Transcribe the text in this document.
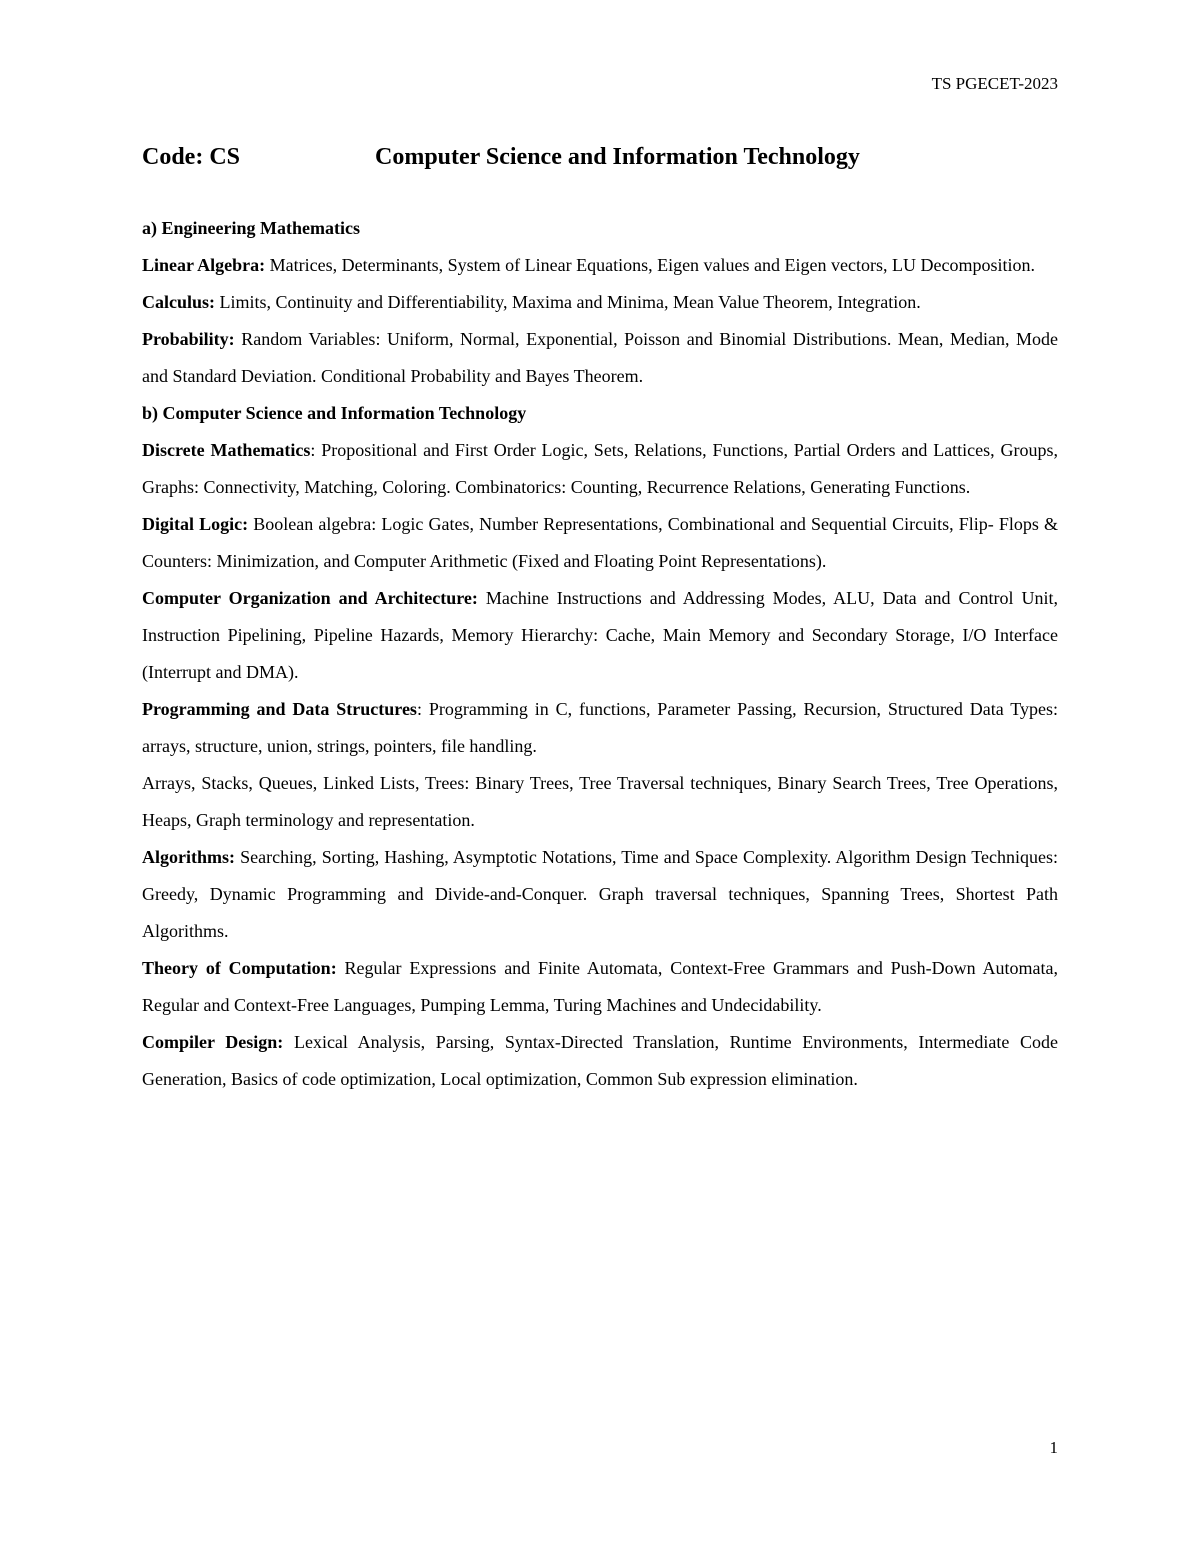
TS PGECET-2023
Code: CS	Computer Science and Information Technology

a) Engineering Mathematics

Linear Algebra: Matrices, Determinants, System of Linear Equations, Eigen values and Eigen vectors, LU Decomposition.

Calculus: Limits, Continuity and Differentiability, Maxima and Minima, Mean Value Theorem, Integration.

Probability: Random Variables: Uniform, Normal, Exponential, Poisson and Binomial Distributions. Mean, Median, Mode and Standard Deviation. Conditional Probability and Bayes Theorem.

b) Computer Science and Information Technology

Discrete Mathematics: Propositional and First Order Logic, Sets, Relations, Functions, Partial Orders and Lattices, Groups, Graphs: Connectivity, Matching, Coloring. Combinatorics: Counting, Recurrence Relations, Generating Functions.

Digital Logic: Boolean algebra: Logic Gates, Number Representations, Combinational and Sequential Circuits, Flip- Flops & Counters: Minimization, and Computer Arithmetic (Fixed and Floating Point Representations).

Computer Organization and Architecture: Machine Instructions and Addressing Modes, ALU, Data and Control Unit, Instruction Pipelining, Pipeline Hazards, Memory Hierarchy: Cache, Main Memory and Secondary Storage, I/O Interface (Interrupt and DMA).

Programming and Data Structures: Programming in C, functions, Parameter Passing, Recursion, Structured Data Types: arrays, structure, union, strings, pointers, file handling.

Arrays, Stacks, Queues, Linked Lists, Trees: Binary Trees, Tree Traversal techniques, Binary Search Trees, Tree Operations, Heaps, Graph terminology and representation.

Algorithms: Searching, Sorting, Hashing, Asymptotic Notations, Time and Space Complexity. Algorithm Design Techniques: Greedy, Dynamic Programming and Divide-and-Conquer. Graph traversal techniques, Spanning Trees, Shortest Path Algorithms.

Theory of Computation: Regular Expressions and Finite Automata, Context-Free Grammars and Push-Down Automata, Regular and Context-Free Languages, Pumping Lemma, Turing Machines and Undecidability.

Compiler Design: Lexical Analysis, Parsing, Syntax-Directed Translation, Runtime Environments, Intermediate Code Generation, Basics of code optimization, Local optimization, Common Sub expression elimination.

1
